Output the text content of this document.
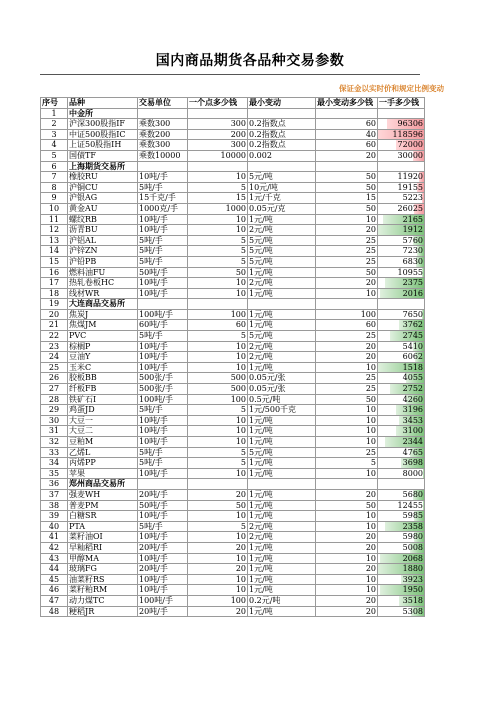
国内商品期货各品种交易参数
保证金以实时价和规定比例变动
序号	品种	交易单位	一个点多少钱	最小变动	最小变动多少钱	一手多少钱
1	中金所					
2	沪深300股指IF	乘数300	300	0.2指数点	60	96306
3	中证500股指IC	乘数200	200	0.2指数点	40	118596
4	上证50股指IH	乘数300	300	0.2指数点	60	72000
5	国债TF	乘数10000	10000	0.002	20	30000
6	上海期货交易所					
7	橡胶RU	10吨/手	10	5元/吨	50	11920
8	沪铜CU	5吨/手	5	10元/吨	50	19155
9	沪银AG	15千克/手	15	1元/千克	15	5223
10	黄金AU	1000克/手	1000	0.05元/克	50	26025
11	螺纹RB	10吨/手	10	1元/吨	10	2165
12	沥青BU	10吨/手	10	2元/吨	20	1912
13	沪铝AL	5吨/手	5	5元/吨	25	5760
14	沪锌ZN	5吨/手	5	5元/吨	25	7230
15	沪铅PB	5吨/手	5	5元/吨	25	6830
16	燃料油FU	50吨/手	50	1元/吨	50	10955
17	热轧卷板HC	10吨/手	10	2元/吨	20	2375
18	线材WR	10吨/手	10	1元/吨	10	2016
19	大连商品交易所					
20	焦炭J	100吨/手	100	1元/吨	100	7650
21	焦煤JM	60吨/手	60	1元/吨	60	3762
22	PVC	5吨/手	5	5元/吨	25	2745
23	棕榈P	10吨/手	10	2元/吨	20	5410
24	豆油Y	10吨/手	10	2元/吨	20	6062
25	玉米C	10吨/手	10	1元/吨	10	1518
26	胶板BB	500张/手	500	0.05元/张	25	4055
27	纤板FB	500张/手	500	0.05元/张	25	2752
28	铁矿石I	100吨/手	100	0.5元/吨	50	4260
29	鸡蛋JD	5吨/手	5	1元/500千克	10	3196
30	大豆一	10吨/手	10	1元/吨	10	3453
31	大豆二	10吨/手	10	1元/吨	10	3100
32	豆粕M	10吨/手	10	1元/吨	10	2344
33	乙烯L	5吨/手	5	5元/吨	25	4765
34	丙烯PP	5吨/手	5	1元/吨	5	3698
35	苹果	10吨/手	10	1元/吨	10	8000
36	郑州商品交易所					
37	强麦WH	20吨/手	20	1元/吨	20	5680
38	普麦PM	50吨/手	50	1元/吨	50	12455
39	白糖SR	10吨/手	10	1元/吨	10	5985
40	PTA	5吨/手	5	2元/吨	10	2358
41	菜籽油OI	10吨/手	10	2元/吨	20	5980
42	早籼稻RI	20吨/手	20	1元/吨	20	5008
43	甲醇MA	10吨/手	10	1元/吨	10	2068
44	玻璃FG	20吨/手	20	1元/吨	20	1880
45	油菜籽RS	10吨/手	10	1元/吨	10	3923
46	菜籽粕RM	10吨/手	10	1元/吨	10	1950
47	动力煤TC	100吨/手	100	0.2元/吨	20	3518
48	粳稻JR	20吨/手	20	1元/吨	20	5308
